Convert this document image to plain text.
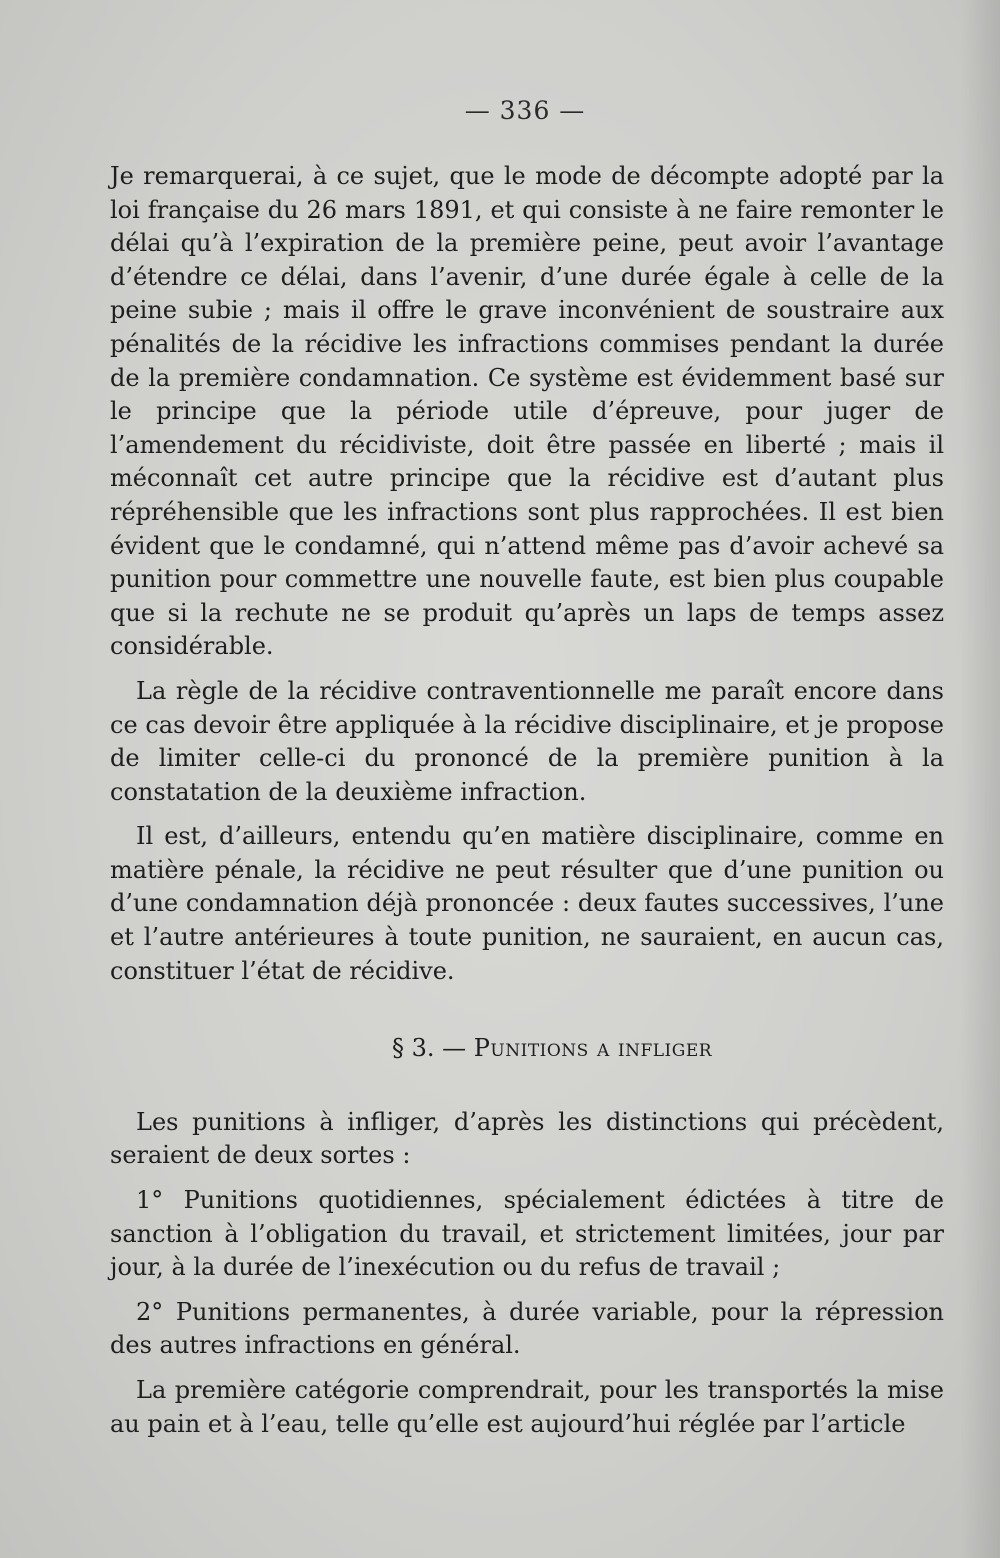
— 336 —

Je remarquerai, à ce sujet, que le mode de décompte adopté par la loi française du 26 mars 1891, et qui consiste à ne faire remonter le délai qu’à l’expiration de la première peine, peut avoir l’avantage d’étendre ce délai, dans l’avenir, d’une durée égale à celle de la peine subie ; mais il offre le grave inconvénient de soustraire aux pénalités de la récidive les infractions commises pendant la durée de la première condamnation. Ce système est évidemment basé sur le principe que la période utile d’épreuve, pour juger de l’amendement du récidiviste, doit être passée en liberté ; mais il méconnaît cet autre principe que la récidive est d’autant plus répréhensible que les infractions sont plus rapprochées. Il est bien évident que le condamné, qui n’attend même pas d’avoir achevé sa punition pour commettre une nouvelle faute, est bien plus coupable que si la rechute ne se produit qu’après un laps de temps assez considérable.

La règle de la récidive contraventionnelle me paraît encore dans ce cas devoir être appliquée à la récidive disciplinaire, et je propose de limiter celle-ci du prononcé de la première punition à la constatation de la deuxième infraction.

Il est, d’ailleurs, entendu qu’en matière disciplinaire, comme en matière pénale, la récidive ne peut résulter que d’une punition ou d’une condamnation déjà prononcée : deux fautes successives, l’une et l’autre antérieures à toute punition, ne sauraient, en aucun cas, constituer l’état de récidive.

§ 3. — Punitions a infliger

Les punitions à infliger, d’après les distinctions qui précèdent, seraient de deux sortes :

1° Punitions quotidiennes, spécialement édictées à titre de sanction à l’obligation du travail, et strictement limitées, jour par jour, à la durée de l’inexécution ou du refus de travail ;

2° Punitions permanentes, à durée variable, pour la répression des autres infractions en général.

La première catégorie comprendrait, pour les transportés la mise au pain et à l’eau, telle qu’elle est aujourd’hui réglée par l’article
